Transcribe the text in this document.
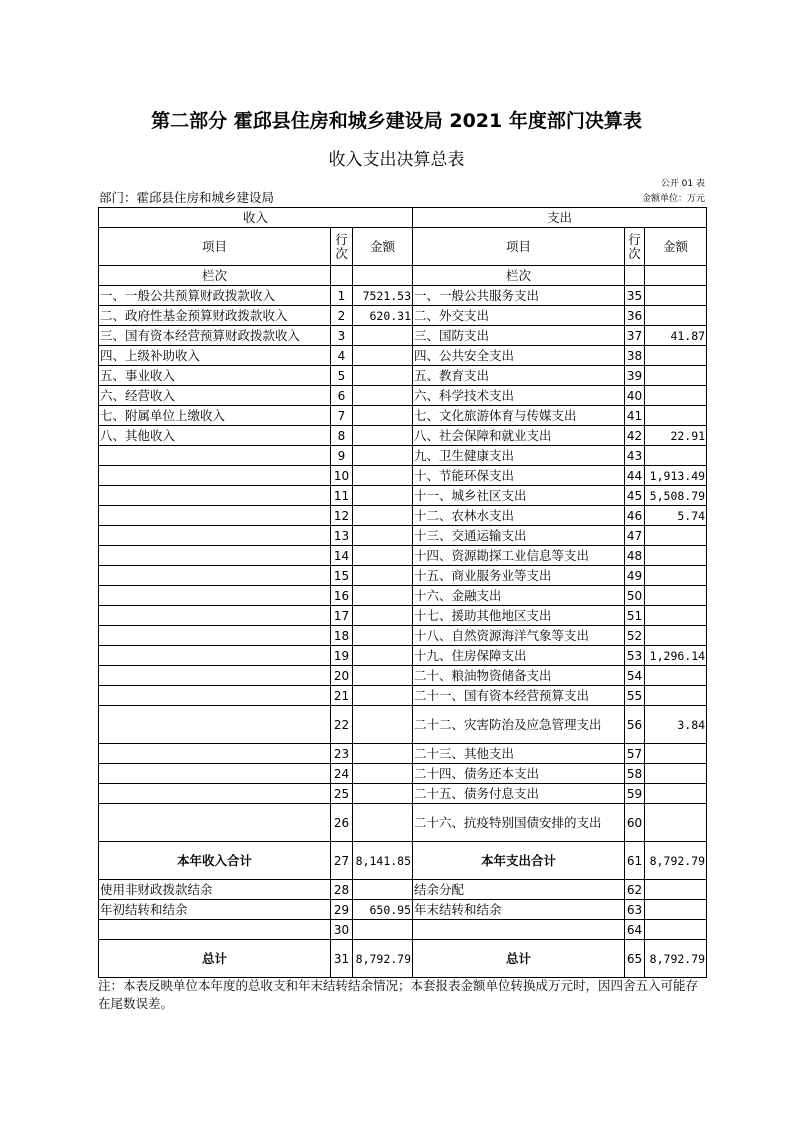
第二部分 霍邱县住房和城乡建设局 2021 年度部门决算表
收入支出决算总表
公开 01 表
金额单位：万元
部门：霍邱县住房和城乡建设局
收入			支出		
项目	行次	金额	项目	行次	金额
栏次			栏次		
一、一般公共预算财政拨款收入	1	7521.53	一、一般公共服务支出	35	
二、政府性基金预算财政拨款收入	2	620.31	二、外交支出	36	
三、国有资本经营预算财政拨款收入	3		三、国防支出	37	41.87
四、上级补助收入	4		四、公共安全支出	38	
五、事业收入	5		五、教育支出	39	
六、经营收入	6		六、科学技术支出	40	
七、附属单位上缴收入	7		七、文化旅游体育与传媒支出	41	
八、其他收入	8		八、社会保障和就业支出	42	22.91
	9		九、卫生健康支出	43	
	10		十、节能环保支出	44	1,913.49
	11		十一、城乡社区支出	45	5,508.79
	12		十二、农林水支出	46	5.74
	13		十三、交通运输支出	47	
	14		十四、资源勘探工业信息等支出	48	
	15		十五、商业服务业等支出	49	
	16		十六、金融支出	50	
	17		十七、援助其他地区支出	51	
	18		十八、自然资源海洋气象等支出	52	
	19		十九、住房保障支出	53	1,296.14
	20		二十、粮油物资储备支出	54	
	21		二十一、国有资本经营预算支出	55	
	22		二十二、灾害防治及应急管理支出	56	3.84
	23		二十三、其他支出	57	
	24		二十四、债务还本支出	58	
	25		二十五、债务付息支出	59	
	26		二十六、抗疫特别国债安排的支出	60	
本年收入合计	27	8,141.85	本年支出合计	61	8,792.79
使用非财政拨款结余	28		结余分配	62	
年初结转和结余	29	650.95	年末结转和结余	63	
	30			64	
总计	31	8,792.79	总计	65	8,792.79
注：本表反映单位本年度的总收支和年末结转结余情况；本套报表金额单位转换成万元时，因四舍五入可能存在尾数误差。
